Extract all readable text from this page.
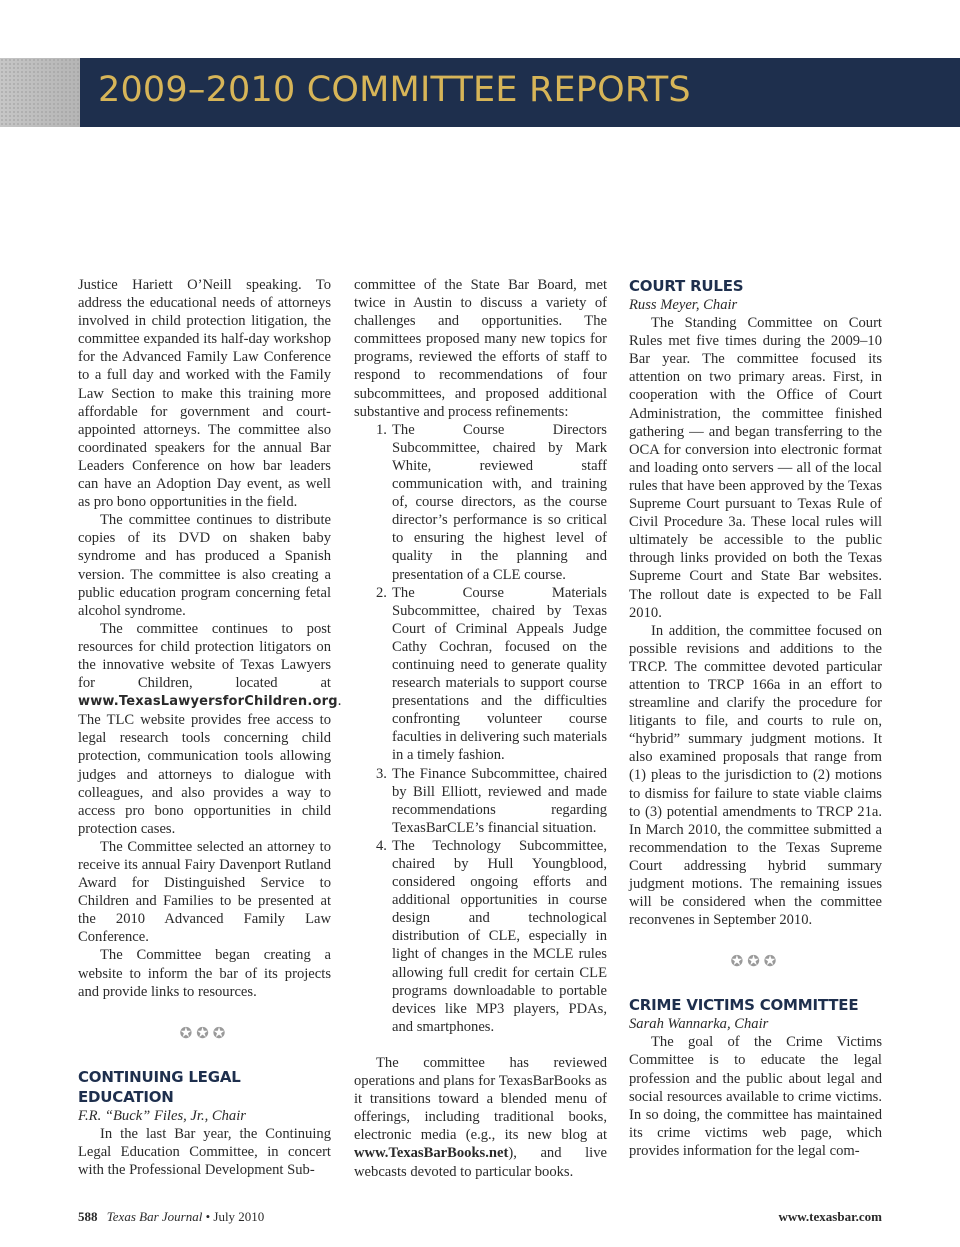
2009–2010 COMMITTEE REPORTS

Justice Hariett O’Neill speaking. To address the educational needs of attorneys involved in child protection litigation, the committee expanded its half-day workshop for the Advanced Family Law Conference to a full day and worked with the Family Law Section to make this training more affordable for government and court-appointed attorneys. The committee also coordinated speakers for the annual Bar Leaders Conference on how bar leaders can have an Adoption Day event, as well as pro bono opportunities in the field.

The committee continues to distribute copies of its DVD on shaken baby syndrome and has produced a Spanish version. The committee is also creating a public education program concerning fetal alcohol syndrome.

The committee continues to post resources for child protection litigators on the innovative website of Texas Lawyers for Children, located at www.TexasLawyersforChildren.org. The TLC website provides free access to legal research tools concerning child protection, communication tools allowing judges and attorneys to dialogue with colleagues, and also provides a way to access pro bono opportunities in child protection cases.

The Committee selected an attorney to receive its annual Fairy Davenport Rutland Award for Distinguished Service to Children and Families to be presented at the 2010 Advanced Family Law Conference.

The Committee began creating a website to inform the bar of its projects and provide links to resources.

✪✪✪
CONTINUING LEGAL EDUCATION

F.R. “Buck” Files, Jr., Chair

In the last Bar year, the Continuing Legal Education Committee, in concert with the Professional Development Sub-

committee of the State Bar Board, met twice in Austin to discuss a variety of challenges and opportunities. The committees proposed many new topics for programs, reviewed the efforts of staff to respond to recommendations of four subcommittees, and proposed additional substantive and process refinements:

1. The Course Directors Subcommittee, chaired by Mark White, reviewed staff communication with, and training of, course directors, as the course director’s performance is so critical to ensuring the highest level of quality in the planning and presentation of a CLE course.
2. The Course Materials Subcommittee, chaired by Texas Court of Criminal Appeals Judge Cathy Cochran, focused on the continuing need to generate quality research materials to support course presentations and the difficulties confronting volunteer course faculties in delivering such materials in a timely fashion.
3. The Finance Subcommittee, chaired by Bill Elliott, reviewed and made recommendations regarding TexasBarCLE’s financial situation.
4. The Technology Subcommittee, chaired by Hull Youngblood, considered ongoing efforts and additional opportunities in course design and technological distribution of CLE, especially in light of changes in the MCLE rules allowing full credit for certain CLE programs downloadable to portable devices like MP3 players, PDAs, and smartphones.

The committee has reviewed operations and plans for TexasBarBooks as it transitions toward a blended menu of offerings, including traditional books, electronic media (e.g., its new blog at www.TexasBarBooks.net), and live webcasts devoted to particular books.

COURT RULES

Russ Meyer, Chair

The Standing Committee on Court Rules met five times during the 2009–10 Bar year. The committee focused its attention on two primary areas. First, in cooperation with the Office of Court Administration, the committee finished gathering — and began transferring to the OCA for conversion into electronic format and loading onto servers — all of the local rules that have been approved by the Texas Supreme Court pursuant to Texas Rule of Civil Procedure 3a. These local rules will ultimately be accessible to the public through links provided on both the Texas Supreme Court and State Bar websites. The rollout date is expected to be Fall 2010.

In addition, the committee focused on possible revisions and additions to the TRCP. The committee devoted particular attention to TRCP 166a in an effort to streamline and clarify the procedure for litigants to file, and courts to rule on, “hybrid” summary judgment motions. It also examined proposals that range from (1) pleas to the jurisdiction to (2) motions to dismiss for failure to state viable claims to (3) potential amendments to TRCP 21a. In March 2010, the committee submitted a recommendation to the Texas Supreme Court addressing hybrid summary judgment motions. The remaining issues will be considered when the committee reconvenes in September 2010.

✪✪✪
CRIME VICTIMS COMMITTEE

Sarah Wannarka, Chair

The goal of the Crime Victims Committee is to educate the legal profession and the public about legal and social resources available to crime victims. In so doing, the committee has maintained its crime victims web page, which provides information for the legal com-

588 Texas Bar Journal • July 2010	www.texasbar.com
